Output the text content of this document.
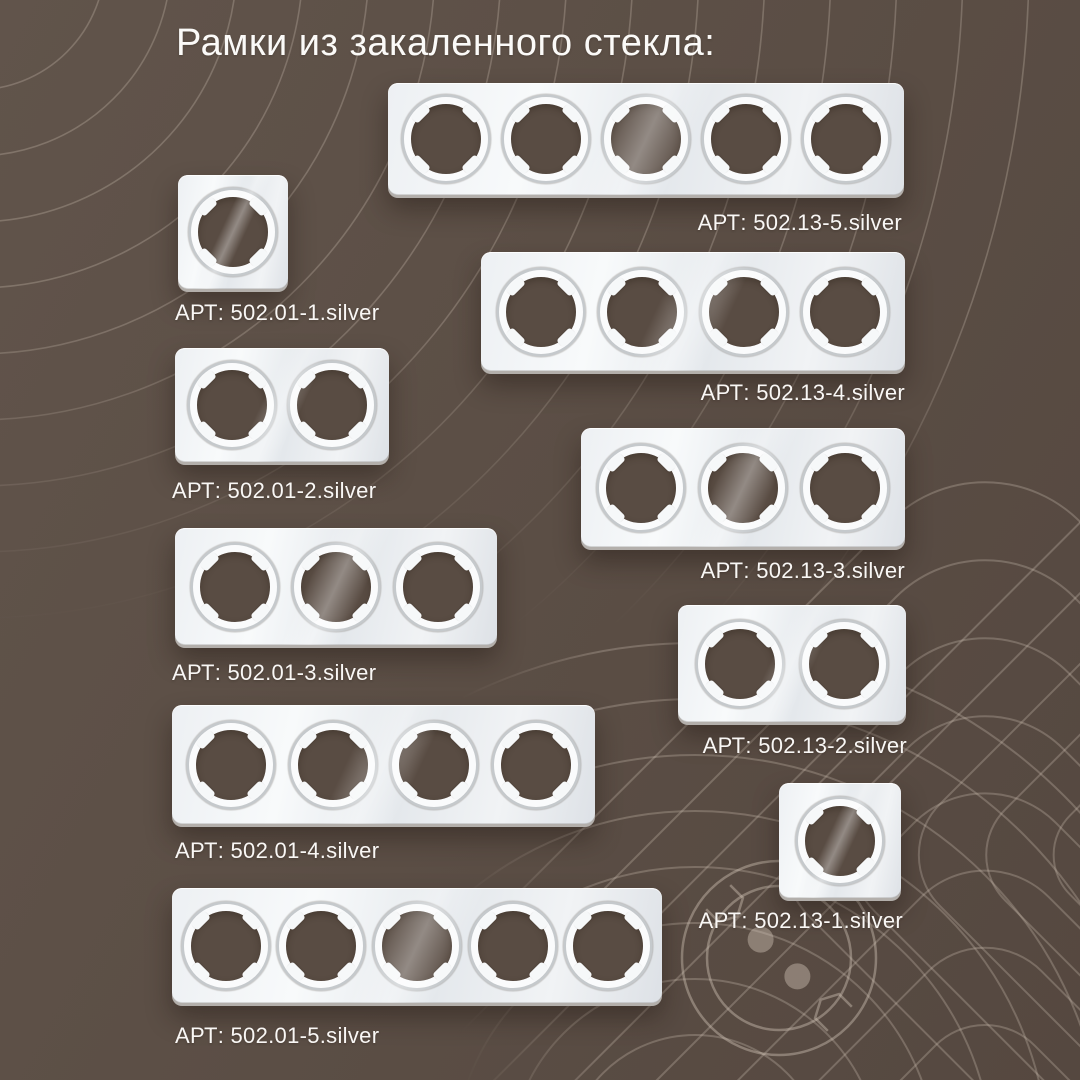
Рамки из закаленного стекла:

АРТ: 502.01-1.silver

АРТ: 502.01-2.silver

АРТ: 502.01-3.silver

АРТ: 502.01-4.silver

АРТ: 502.01-5.silver

АРТ: 502.13-5.silver

АРТ: 502.13-4.silver

АРТ: 502.13-3.silver

АРТ: 502.13-2.silver

АРТ: 502.13-1.silver
